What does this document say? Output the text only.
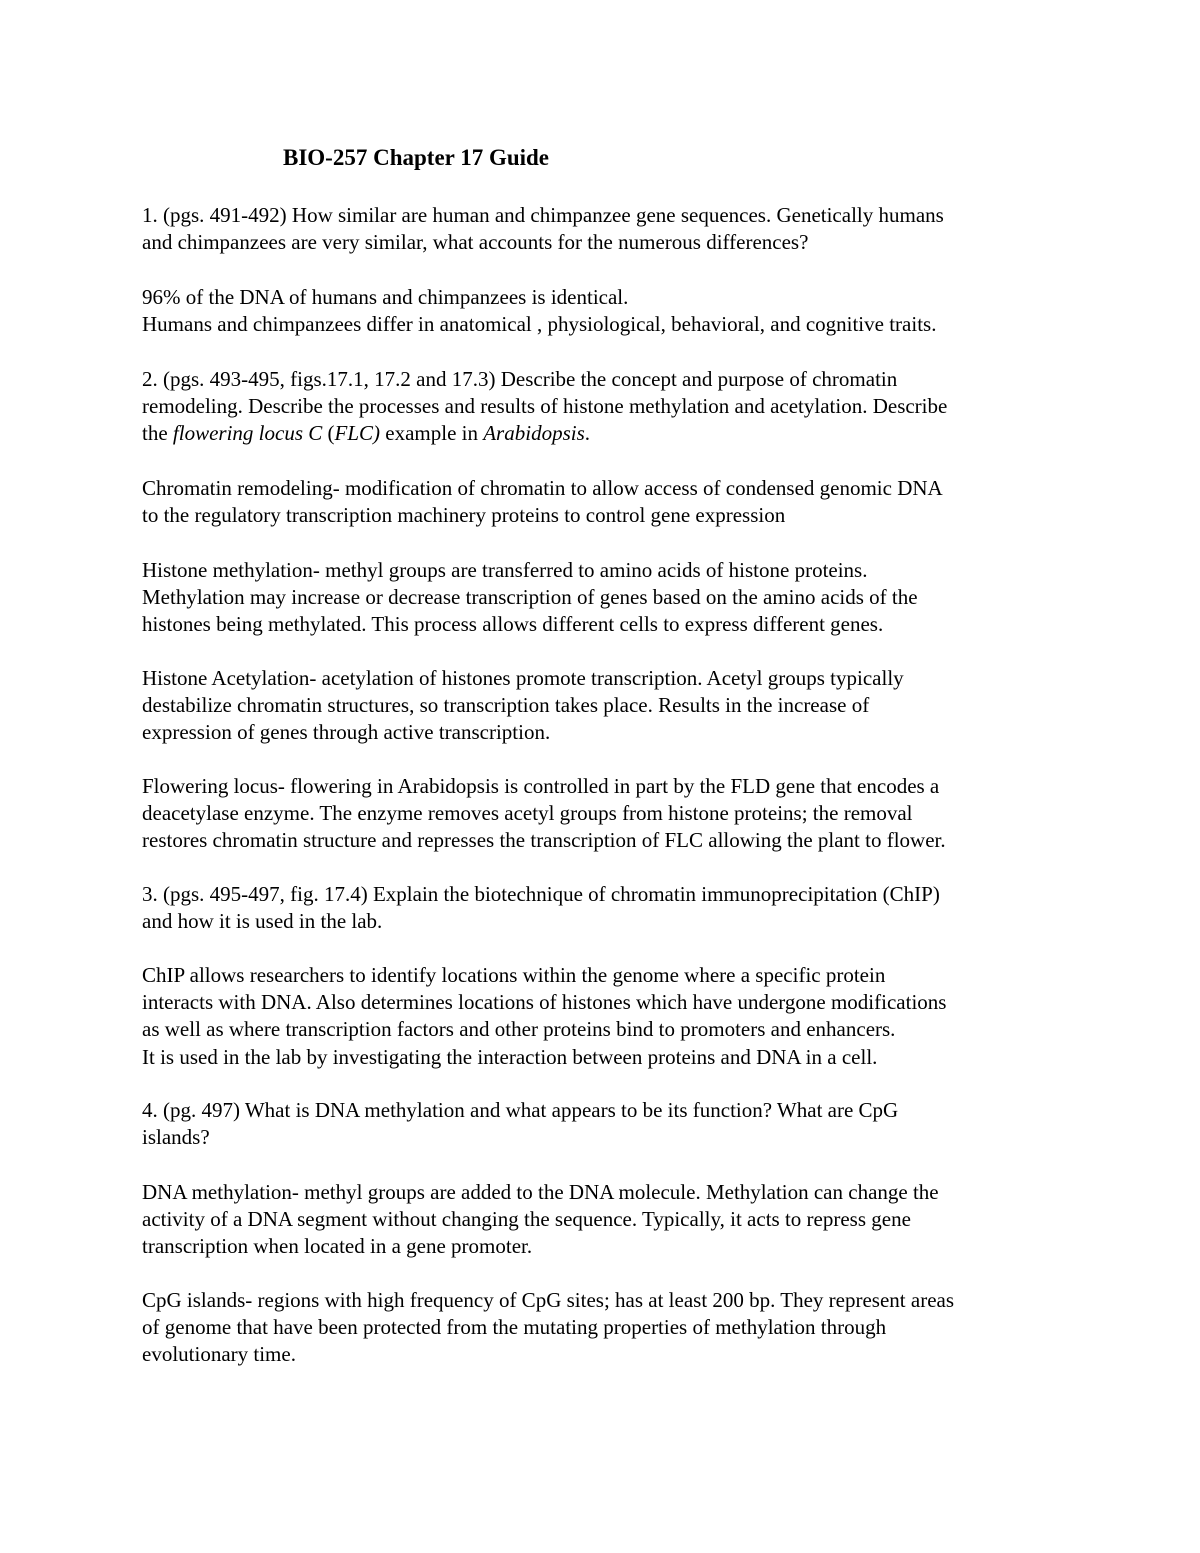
BIO-257 Chapter 17 Guide

1. (pgs. 491-492) How similar are human and chimpanzee gene sequences. Genetically humans
and chimpanzees are very similar, what accounts for the numerous differences?

96% of the DNA of humans and chimpanzees is identical.
Humans and chimpanzees differ in anatomical , physiological, behavioral, and cognitive traits.

2. (pgs. 493-495, figs.17.1, 17.2 and 17.3) Describe the concept and purpose of chromatin
remodeling. Describe the processes and results of histone methylation and acetylation. Describe
the flowering locus C (FLC) example in Arabidopsis.

Chromatin remodeling- modification of chromatin to allow access of condensed genomic DNA
to the regulatory transcription machinery proteins to control gene expression

Histone methylation- methyl groups are transferred to amino acids of histone proteins.
Methylation may increase or decrease transcription of genes based on the amino acids of the
histones being methylated. This process allows different cells to express different genes.

Histone Acetylation- acetylation of histones promote transcription. Acetyl groups typically
destabilize chromatin structures, so transcription takes place. Results in the increase of
expression of genes through active transcription.

Flowering locus- flowering in Arabidopsis is controlled in part by the FLD gene that encodes a
deacetylase enzyme. The enzyme removes acetyl groups from histone proteins; the removal
restores chromatin structure and represses the transcription of FLC allowing the plant to flower.

3. (pgs. 495-497, fig. 17.4) Explain the biotechnique of chromatin immunoprecipitation (ChIP)
and how it is used in the lab.

ChIP allows researchers to identify locations within the genome where a specific protein
interacts with DNA. Also determines locations of histones which have undergone modifications
as well as where transcription factors and other proteins bind to promoters and enhancers.
It is used in the lab by investigating the interaction between proteins and DNA in a cell.

4. (pg. 497) What is DNA methylation and what appears to be its function? What are CpG
islands?

DNA methylation- methyl groups are added to the DNA molecule. Methylation can change the
activity of a DNA segment without changing the sequence. Typically, it acts to repress gene
transcription when located in a gene promoter.

CpG islands- regions with high frequency of CpG sites; has at least 200 bp. They represent areas
of genome that have been protected from the mutating properties of methylation through
evolutionary time.
